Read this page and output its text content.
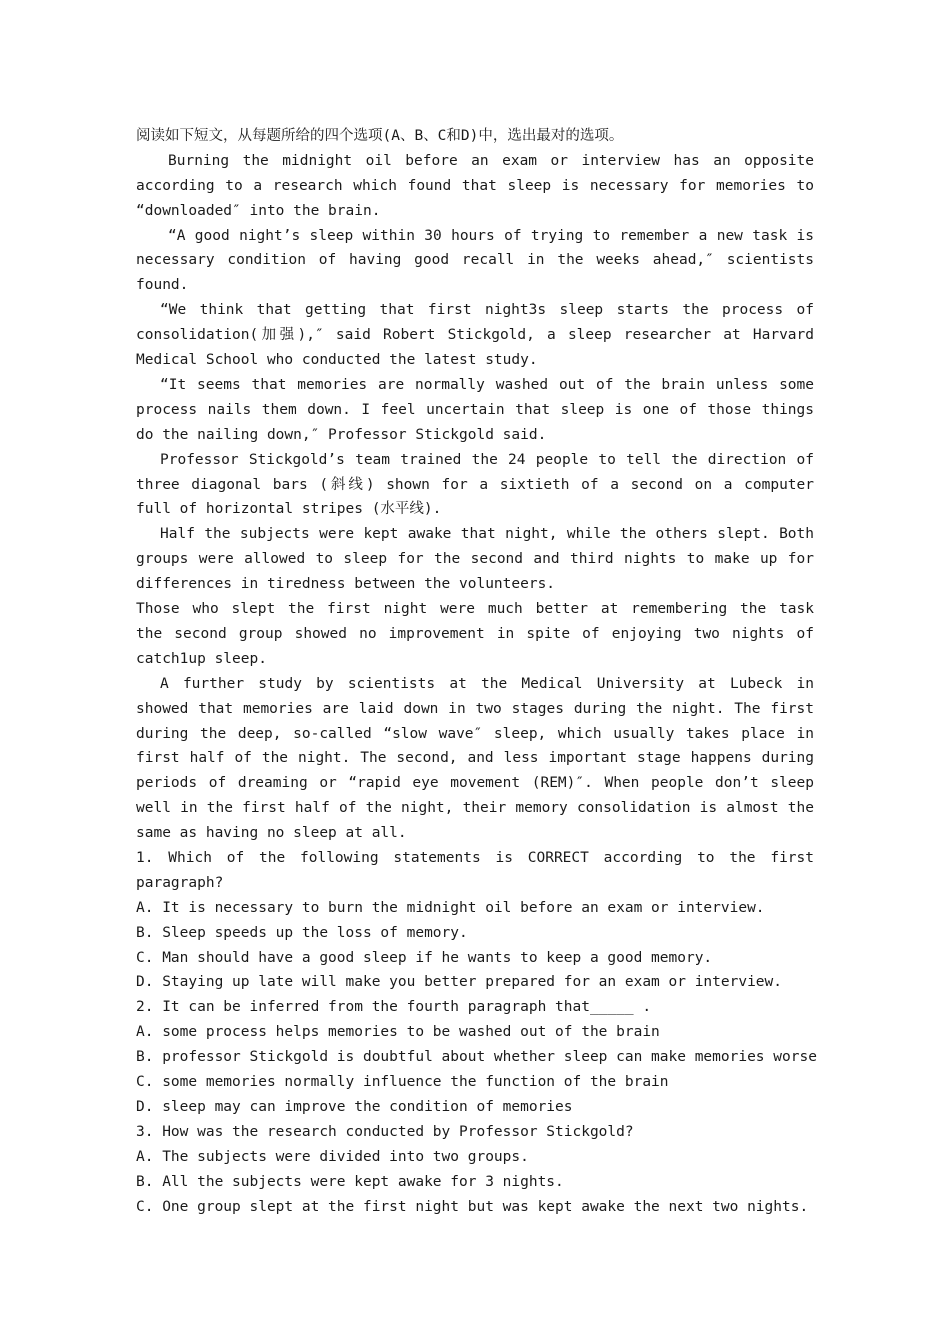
阅读如下短文，从每题所给的四个选项(A、B、C和D)中，选出最对的选项。
Burning the midnight oil before an exam or interview has an opposite
according to a research which found that sleep is necessary for memories to
“downloaded″ into the brain.
“A good night’s sleep within 30 hours of trying to remember a new task is
necessary condition of having good recall in the weeks ahead,″ scientists
found.
“We think that getting that first night3s sleep starts the process of
consolidation(加强),″ said Robert Stickgold, a sleep researcher at Harvard
Medical School who conducted the latest study.
“It seems that memories are normally washed out of the brain unless some
process nails them down. I feel uncertain that sleep is one of those things
do the nailing down,″ Professor Stickgold said.
Professor Stickgold’s team trained the 24 people to tell the direction of
three diagonal bars (斜线) shown for a sixtieth of a second on a computer
full of horizontal stripes (水平线).
Half the subjects were kept awake that night, while the others slept. Both
groups were allowed to sleep for the second and third nights to make up for
differences in tiredness between the volunteers.
Those who slept the first night were much better at remembering the task
the second group showed no improvement in spite of enjoying two nights of
catch1up sleep.
A further study by scientists at the Medical University at Lubeck in
showed that memories are laid down in two stages during the night. The first
during the deep, so-called “slow wave″ sleep, which usually takes place in
first half of the night. The second, and less important stage happens during
periods of dreaming or “rapid eye movement (REM)″. When people don’t sleep
well in the first half of the night, their memory consolidation is almost the
same as having no sleep at all.
1. Which of the following statements is CORRECT according to the first
paragraph?
A. It is necessary to burn the midnight oil before an exam or interview.
B. Sleep speeds up the loss of memory.
C. Man should have a good sleep if he wants to keep a good memory.
D. Staying up late will make you better prepared for an exam or interview.
2. It can be inferred from the fourth paragraph that_____ .
A. some process helps memories to be washed out of the brain
B. professor Stickgold is doubtful about whether sleep can make memories worse
C. some memories normally influence the function of the brain
D. sleep may can improve the condition of memories
3. How was the research conducted by Professor Stickgold?
A. The subjects were divided into two groups.
B. All the subjects were kept awake for 3 nights.
C. One group slept at the first night but was kept awake the next two nights.
